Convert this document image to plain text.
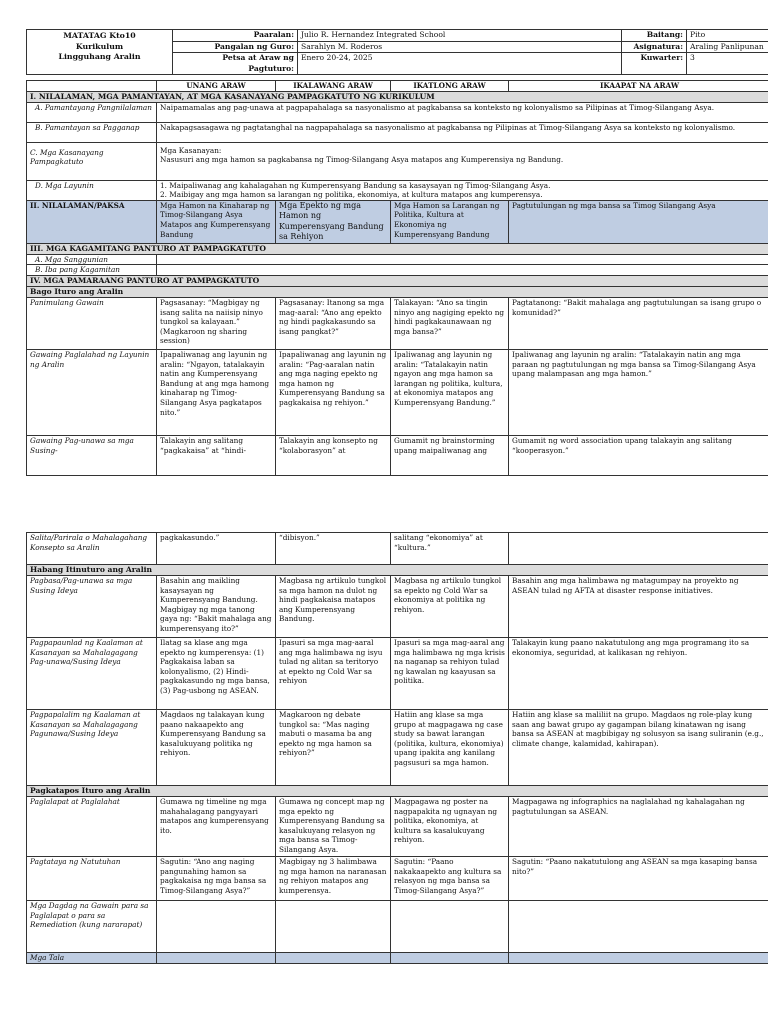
MATATAG Kto10
Kurikulum
Lingguhang Aralin	Paaralan:	Julio R. Hernandez Integrated School	Baitang:	Pito
	Pangalan ng Guro:	Sarahlyn M. Roderos	Asignatura:	Araling Panlipunan
	Petsa at Araw ng Pagtuturo:	Enero 20-24, 2025	Kuwarter:	3
	UNANG ARAW	IKALAWANG ARAW	IKATLONG ARAW	IKAAPAT NA ARAW
I. NILALAMAN, MGA PAMANTAYAN, AT MGA KASANAYANG PAMPAGKATUTO NG KURIKULUM				
A. Pamantayang Pangnilalaman	Naipamamalas ang pag-unawa at pagpapahalaga sa nasyonalismo at pagkabansa sa konteksto ng kolonyalismo sa Pilipinas at Timog-Silangang Asya.			
B. Pamantayan sa Pagganap	Nakapagsasagawa ng pagtatanghal na nagpapahalaga sa nasyonalismo at pagkabansa ng Pilipinas at Timog-Silangang Asya sa konteksto ng kolonyalismo.			
C. Mga Kasanayang Pampagkatuto	Mga Kasanayan:
Nasusuri ang mga hamon sa pagkabansa ng Timog-Silangang Asya matapos ang Kumperensiya ng Bandung.			

D. Mga Layunin	1. Maipaliwanag ang kahalagahan ng Kumperensyang Bandung sa kasaysayan ng Timog-Silangang Asya.
2. Maibigay ang mga hamon sa larangan ng politika, ekonomiya, at kultura matapos ang kumperensya.			

II. NILALAMAN/PAKSA	Mga Hamon na Kinaharap ng Timog-Silangang Asya Matapos ang Kumperensyang Bandung	Mga Epekto ng mga Hamon ng Kumperensyang Bandung sa Rehiyon	Mga Hamon sa Larangan ng Politika, Kultura at Ekonomiya ng Kumperensyang Bandung	Pagtutulungan ng mga bansa sa Timog Silangang Asya
III. MGA KAGAMITANG PANTURO AT PAMPAGKATUTO				
A. Mga Sanggunian				
B. Iba pang Kagamitan				
IV. MGA PAMARAANG PANTURO AT PAMPAGKATUTO				
Bago Ituro ang Aralin				
Panimulang Gawain	Pagsasanay: “Magbigay ng isang salita na naiisip ninyo tungkol sa kalayaan.” (Magkaroon ng sharing session)	Pagsasanay: Itanong sa mga mag-aaral: “Ano ang epekto ng hindi pagkakasundo sa isang pangkat?”	Talakayan: “Ano sa tingin ninyo ang nagiging epekto ng hindi pagkakaunawaan ng mga bansa?”	Pagtatanong: “Bakit mahalaga ang pagtutulungan sa isang grupo o komunidad?”
Gawaing Paglalahad ng Layunin ng Aralin	Ipapaliwanag ang layunin ng aralin: “Ngayon, tatalakayin natin ang Kumperensyang Bandung at ang mga hamong kinaharap ng Timog-Silangang Asya pagkatapos nito.”	Ipapaliwanag ang layunin ng aralin: “Pag-aaralan natin ang mga naging epekto ng mga hamon ng Kumperensyang Bandung sa pagkakaisa ng rehiyon.”	Ipaliwanag ang layunin ng aralin: “Tatalakayin natin ngayon ang mga hamon sa larangan ng politika, kultura, at ekonomiya matapos ang Kumperensyang Bandung.”	Ipaliwanag ang layunin ng aralin: “Tatalakayin natin ang mga paraan ng pagtutulungan ng mga bansa sa Timog-Silangang Asya upang malampasan ang mga hamon.”
Gawaing Pag-unawa sa mga Susing-	Talakayin ang salitang “pagkakaisa” at “hindi-	Talakayin ang konsepto ng “kolaborasyon” at	Gumamit ng brainstorming upang maipaliwanag ang	Gumamit ng word association upang talakayin ang salitang “kooperasyon.”
Salita/Parirala o Mahalagahang Konsepto sa Aralin	pagkakasundo.”	“dibisyon.”	salitang “ekonomiya” at “kultura.”	
Habang Itinuturo ang Aralin				
Pagbasa/Pag-unawa sa mga Susing Ideya	Basahin ang maikling kasaysayan ng Kumperensyang Bandung. Magbigay ng mga tanong gaya ng: “Bakit mahalaga ang kumperensyang ito?”	Magbasa ng artikulo tungkol sa mga hamon na dulot ng hindi pagkakaisa matapos ang Kumperensyang Bandung.	Magbasa ng artikulo tungkol sa epekto ng Cold War sa ekonomiya at politika ng rehiyon.	Basahin ang mga halimbawa ng matagumpay na proyekto ng ASEAN tulad ng AFTA at disaster response initiatives.
Pagpapaunlad ng Kaalaman at Kasanayan sa Mahalagagang Pag-unawa/Susing Ideya	Ilatag sa klase ang mga epekto ng kumperensya: (1) Pagkakaisa laban sa kolonyalismo, (2) Hindi-pagkakasundo ng mga bansa, (3) Pag-usbong ng ASEAN.	Ipasuri sa mga mag-aaral ang mga halimbawa ng isyu tulad ng alitan sa teritoryo at epekto ng Cold War sa rehiyon	Ipasuri sa mga mag-aaral ang mga halimbawa ng mga krisis na naganap sa rehiyon tulad ng kawalan ng kaayusan sa politika.	Talakayin kung paano nakatutulong ang mga programang ito sa ekonomiya, seguridad, at kalikasan ng rehiyon.
Pagpapalalim ng Kaalaman at Kasanayan sa Mahalagagang Pagunawa/Susing Ideya	Magdaos ng talakayan kung paano nakaapekto ang Kumperensyang Bandung sa kasalukuyang politika ng rehiyon.	Magkaroon ng debate tungkol sa: “Mas naging mabuti o masama ba ang epekto ng mga hamon sa rehiyon?”	Hatiin ang klase sa mga grupo at magpagawa ng case study sa bawat larangan (politika, kultura, ekonomiya) upang ipakita ang kanilang pagsusuri sa mga hamon.	Hatiin ang klase sa maliliit na grupo. Magdaos ng role-play kung saan ang bawat grupo ay gagampan bilang kinatawan ng isang bansa sa ASEAN at magbibigay ng solusyon sa isang suliranin (e.g., climate change, kalamidad, kahirapan).
Pagkatapos Ituro ang Aralin				
Paglalapat at Paglalahat	Gumawa ng timeline ng mga mahahalagang pangyayari matapos ang kumperensyang ito.	Gumawa ng concept map ng mga epekto ng Kumperensyang Bandung sa kasalukuyang relasyon ng mga bansa sa Timog-Silangang Asya.	Magpagawa ng poster na nagpapakita ng ugnayan ng politika, ekonomiya, at kultura sa kasalukuyang rehiyon.	Magpagawa ng infographics na naglalahad ng kahalagahan ng pagtutulungan sa ASEAN.
Pagtataya ng Natutuhan	Sagutin: “Ano ang naging pangunahing hamon sa pagkakaisa ng mga bansa sa Timog-Silangang Asya?”	Magbigay ng 3 halimbawa ng mga hamon na naranasan ng rehiyon matapos ang kumperensya.	Sagutin: “Paano nakakaapekto ang kultura sa relasyon ng mga bansa sa Timog-Silangang Asya?”	Sagutin: “Paano nakatutulong ang ASEAN sa mga kasaping bansa nito?”
Mga Dagdag na Gawain para sa Paglalapat o para sa Remediation (kung nararapat)				
Mga Tala				
